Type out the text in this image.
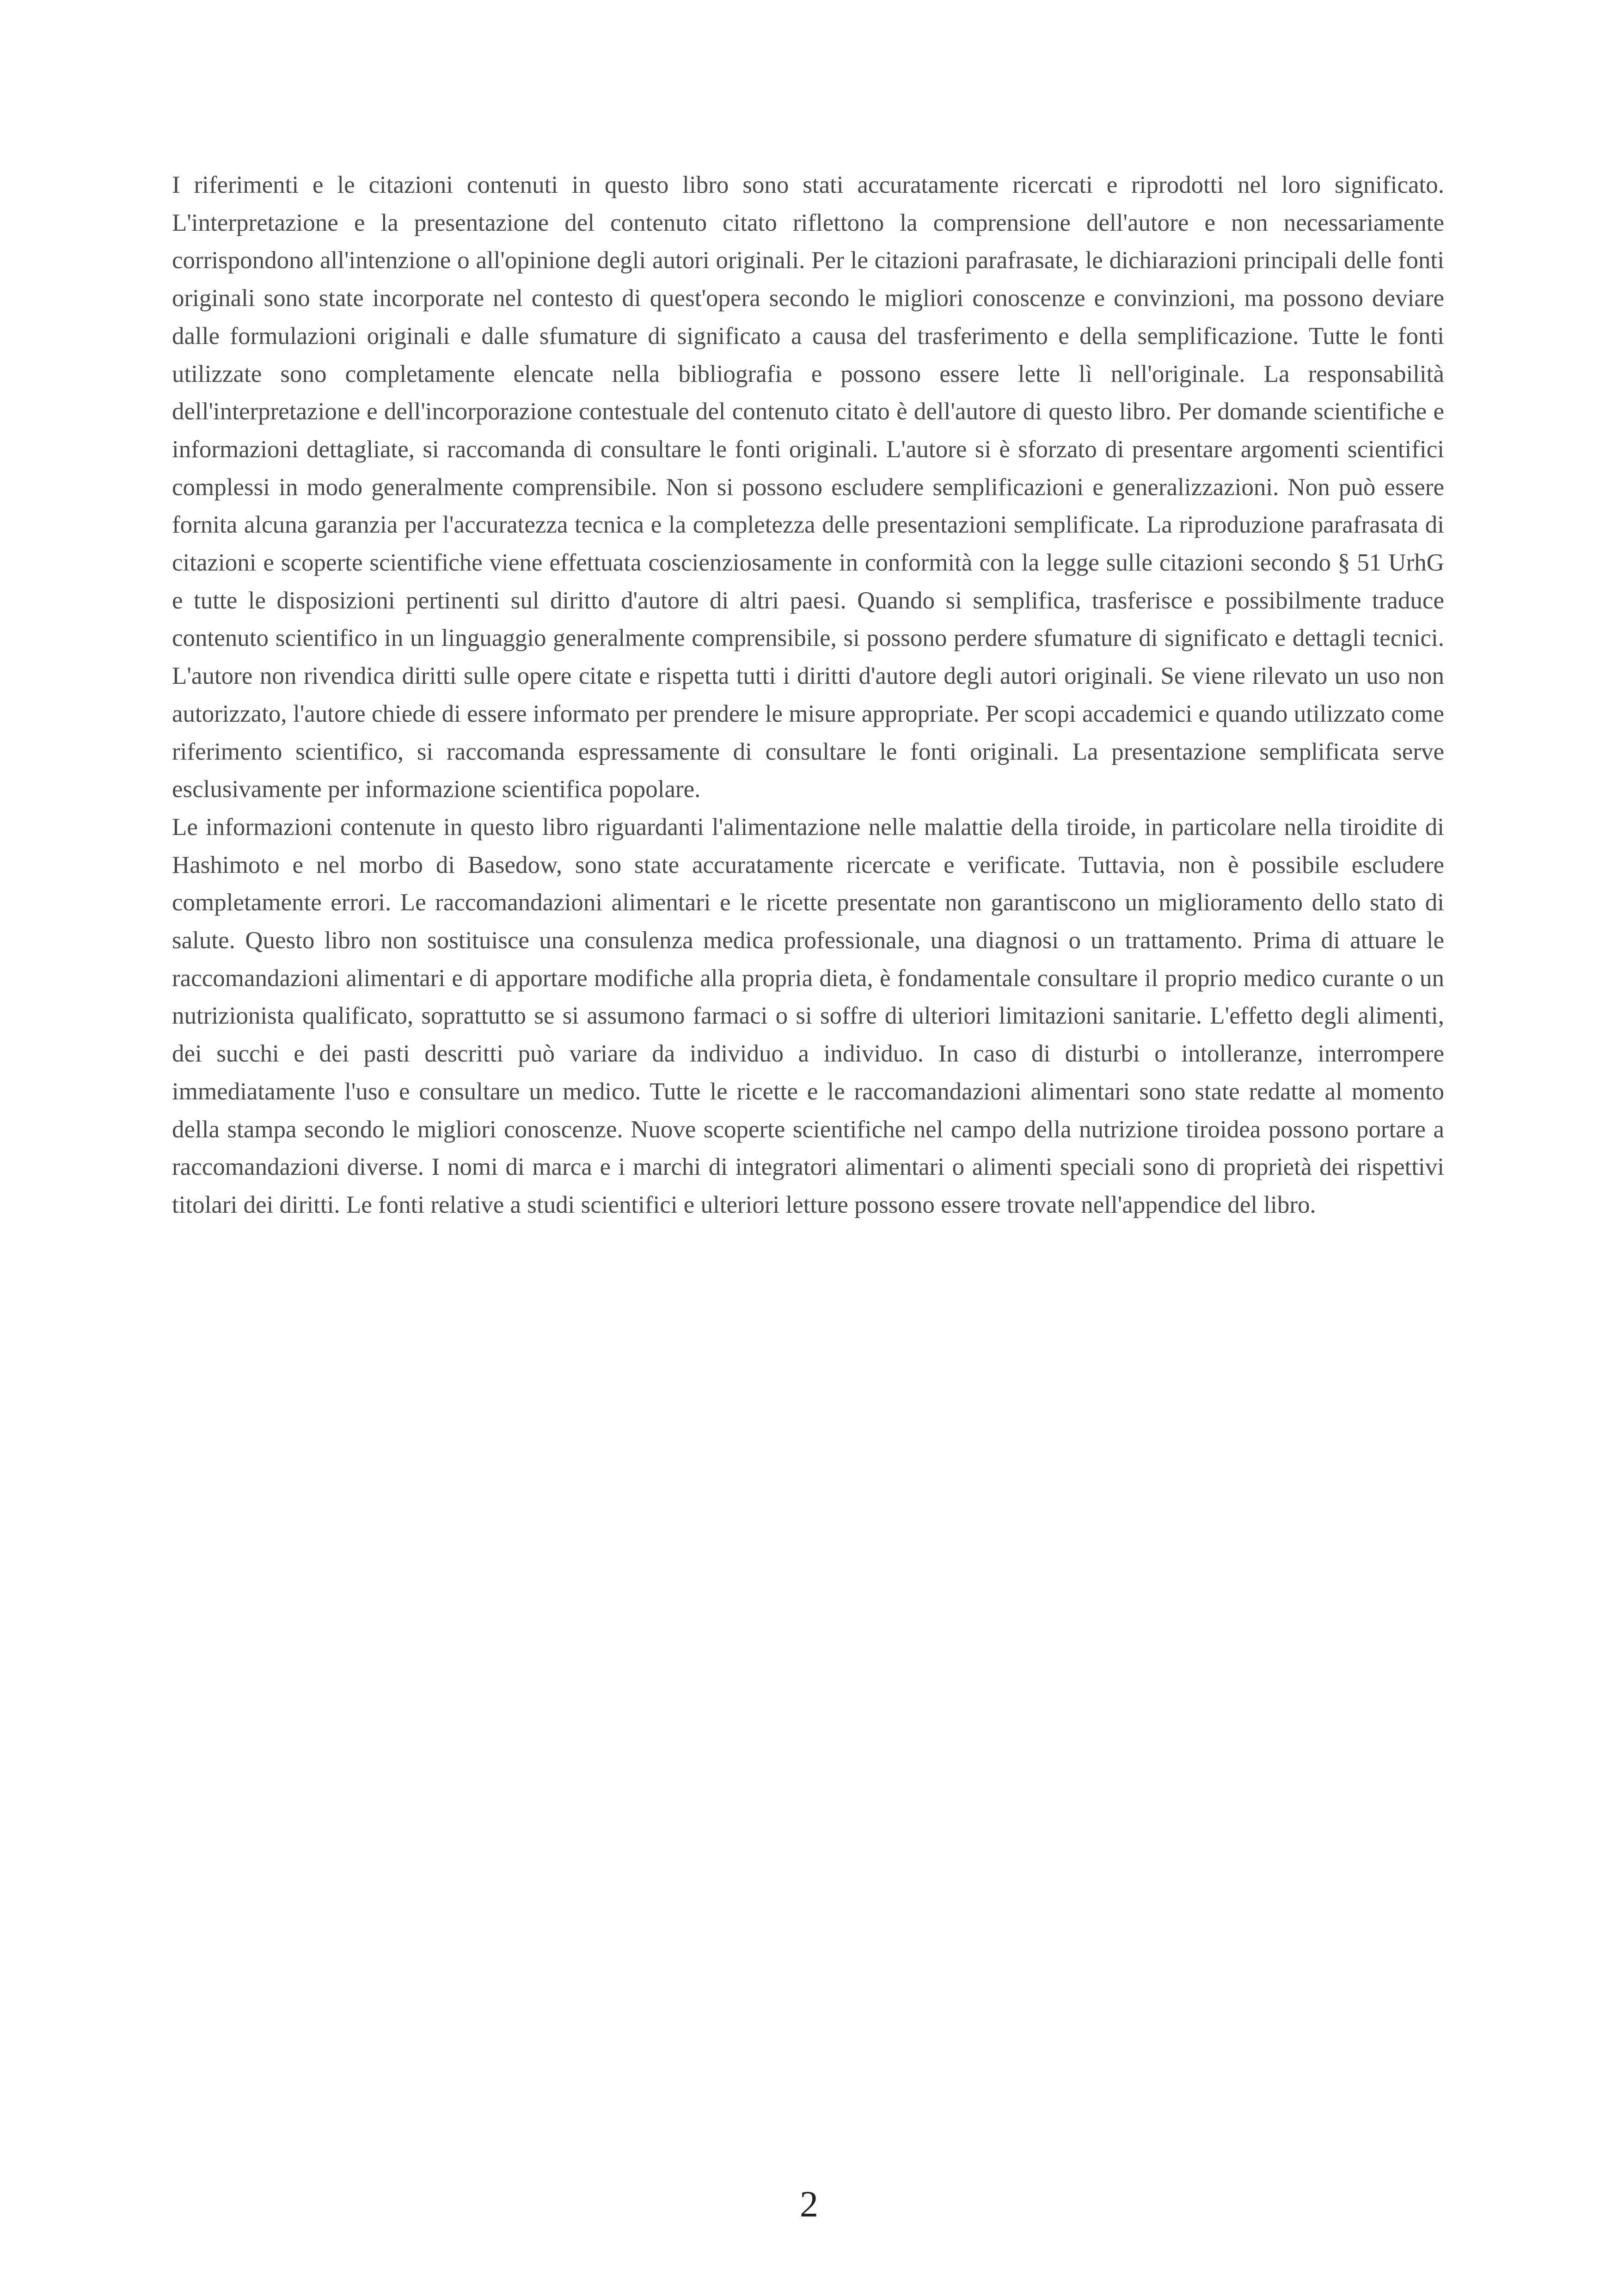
I riferimenti e le citazioni contenuti in questo libro sono stati accuratamente ricercati e riprodotti nel loro significato. L'interpretazione e la presentazione del contenuto citato riflettono la comprensione dell'autore e non necessariamente corrispondono all'intenzione o all'opinione degli autori originali. Per le citazioni parafrasate, le dichiarazioni principali delle fonti originali sono state incorporate nel contesto di quest'opera secondo le migliori conoscenze e convinzioni, ma possono deviare dalle formulazioni originali e dalle sfumature di significato a causa del trasferimento e della semplificazione. Tutte le fonti utilizzate sono completamente elencate nella bibliografia e possono essere lette lì nell'originale. La responsabilità dell'interpretazione e dell'incorporazione contestuale del contenuto citato è dell'autore di questo libro. Per domande scientifiche e informazioni dettagliate, si raccomanda di consultare le fonti originali. L'autore si è sforzato di presentare argomenti scientifici complessi in modo generalmente comprensibile. Non si possono escludere semplificazioni e generalizzazioni. Non può essere fornita alcuna garanzia per l'accuratezza tecnica e la completezza delle presentazioni semplificate. La riproduzione parafrasata di citazioni e scoperte scientifiche viene effettuata coscienziosamente in conformità con la legge sulle citazioni secondo § 51 UrhG e tutte le disposizioni pertinenti sul diritto d'autore di altri paesi. Quando si semplifica, trasferisce e possibilmente traduce contenuto scientifico in un linguaggio generalmente comprensibile, si possono perdere sfumature di significato e dettagli tecnici. L'autore non rivendica diritti sulle opere citate e rispetta tutti i diritti d'autore degli autori originali. Se viene rilevato un uso non autorizzato, l'autore chiede di essere informato per prendere le misure appropriate. Per scopi accademici e quando utilizzato come riferimento scientifico, si raccomanda espressamente di consultare le fonti originali. La presentazione semplificata serve esclusivamente per informazione scientifica popolare.

Le informazioni contenute in questo libro riguardanti l'alimentazione nelle malattie della tiroide, in particolare nella tiroidite di Hashimoto e nel morbo di Basedow, sono state accuratamente ricercate e verificate. Tuttavia, non è possibile escludere completamente errori. Le raccomandazioni alimentari e le ricette presentate non garantiscono un miglioramento dello stato di salute. Questo libro non sostituisce una consulenza medica professionale, una diagnosi o un trattamento. Prima di attuare le raccomandazioni alimentari e di apportare modifiche alla propria dieta, è fondamentale consultare il proprio medico curante o un nutrizionista qualificato, soprattutto se si assumono farmaci o si soffre di ulteriori limitazioni sanitarie. L'effetto degli alimenti, dei succhi e dei pasti descritti può variare da individuo a individuo. In caso di disturbi o intolleranze, interrompere immediatamente l'uso e consultare un medico. Tutte le ricette e le raccomandazioni alimentari sono state redatte al momento della stampa secondo le migliori conoscenze. Nuove scoperte scientifiche nel campo della nutrizione tiroidea possono portare a raccomandazioni diverse. I nomi di marca e i marchi di integratori alimentari o alimenti speciali sono di proprietà dei rispettivi titolari dei diritti. Le fonti relative a studi scientifici e ulteriori letture possono essere trovate nell'appendice del libro.

2
